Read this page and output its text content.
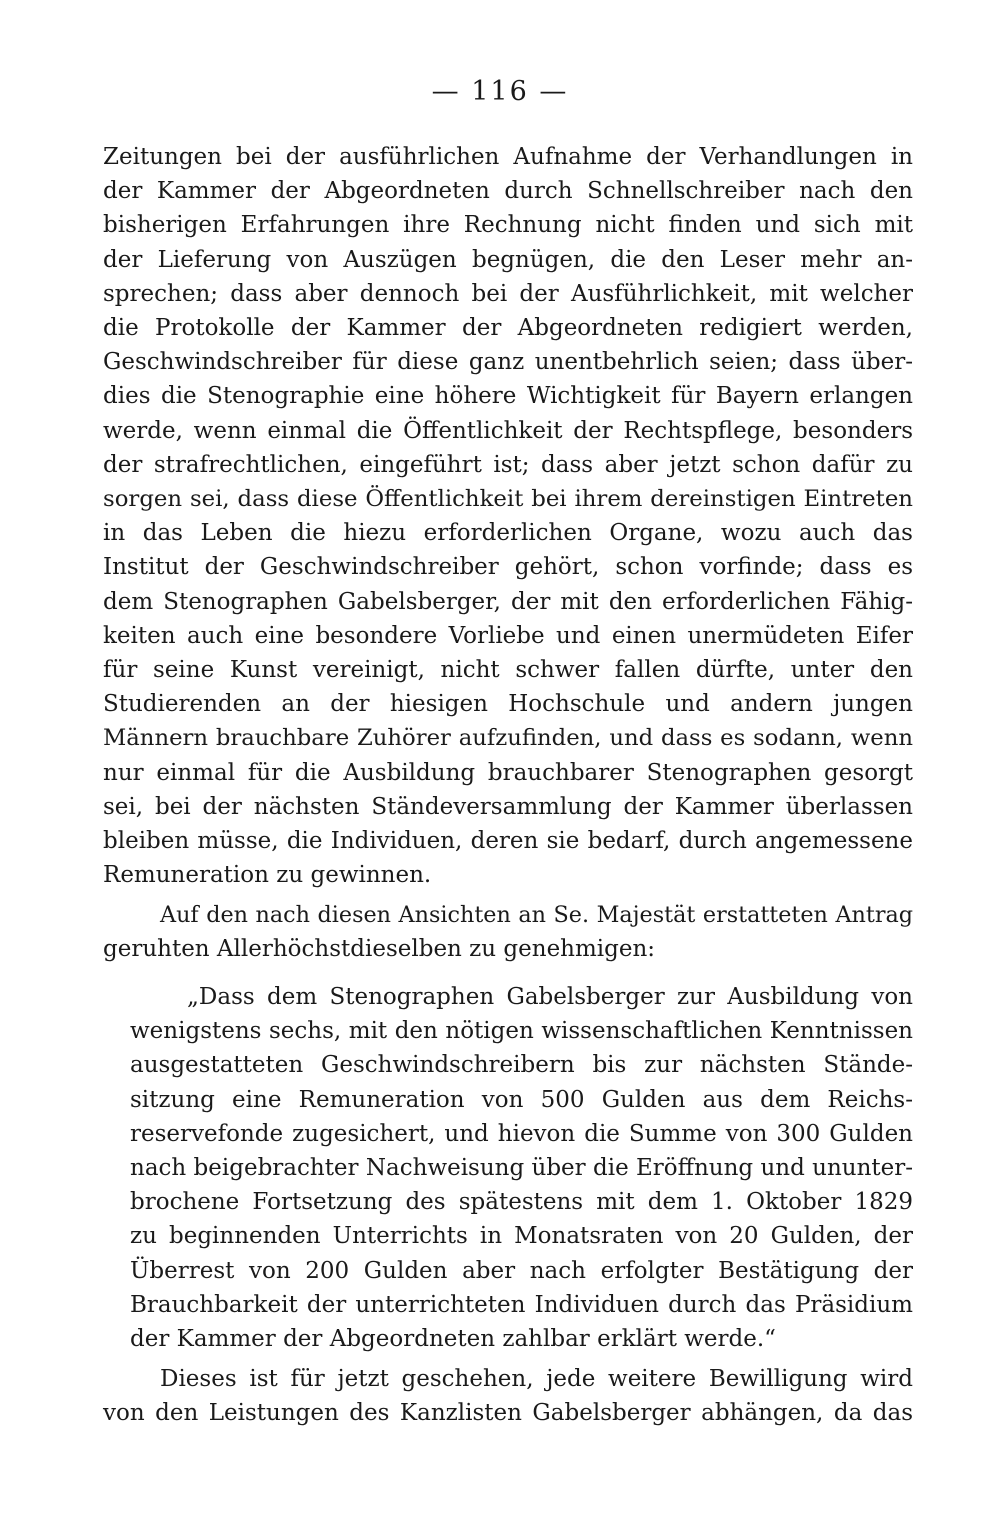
— 116 —
Zeitungen bei der ausführlichen Aufnahme der Verhandlungen in
der Kammer der Abgeordneten durch Schnellschreiber nach den
bisherigen Erfahrungen ihre Rechnung nicht finden und sich mit
der Lieferung von Auszügen begnügen, die den Leser mehr an-
sprechen; dass aber dennoch bei der Ausführlichkeit, mit welcher
die Protokolle der Kammer der Abgeordneten redigiert werden,
Geschwindschreiber für diese ganz unentbehrlich seien; dass über-
dies die Stenographie eine höhere Wichtigkeit für Bayern erlangen
werde, wenn einmal die Öffentlichkeit der Rechtspflege, besonders
der strafrechtlichen, eingeführt ist; dass aber jetzt schon dafür zu
sorgen sei, dass diese Öffentlichkeit bei ihrem dereinstigen Eintreten
in das Leben die hiezu erforderlichen Organe, wozu auch das
Institut der Geschwindschreiber gehört, schon vorfinde; dass es
dem Stenographen Gabelsberger, der mit den erforderlichen Fähig-
keiten auch eine besondere Vorliebe und einen unermüdeten Eifer
für seine Kunst vereinigt, nicht schwer fallen dürfte, unter den
Studierenden an der hiesigen Hochschule und andern jungen
Männern brauchbare Zuhörer aufzufinden, und dass es sodann, wenn
nur einmal für die Ausbildung brauchbarer Stenographen gesorgt
sei, bei der nächsten Ständeversammlung der Kammer überlassen
bleiben müsse, die Individuen, deren sie bedarf, durch angemessene
Remuneration zu gewinnen.
Auf den nach diesen Ansichten an Se. Majestät erstatteten Antrag
geruhten Allerhöchstdieselben zu genehmigen:
„Dass dem Stenographen Gabelsberger zur Ausbildung von
wenigstens sechs, mit den nötigen wissenschaftlichen Kenntnissen
ausgestatteten Geschwindschreibern bis zur nächsten Stände-
sitzung eine Remuneration von 500 Gulden aus dem Reichs-
reservefonde zugesichert, und hievon die Summe von 300 Gulden
nach beigebrachter Nachweisung über die Eröffnung und ununter-
brochene Fortsetzung des spätestens mit dem 1. Oktober 1829
zu beginnenden Unterrichts in Monatsraten von 20 Gulden, der
Überrest von 200 Gulden aber nach erfolgter Bestätigung der
Brauchbarkeit der unterrichteten Individuen durch das Präsidium
der Kammer der Abgeordneten zahlbar erklärt werde.“
Dieses ist für jetzt geschehen, jede weitere Bewilligung wird
von den Leistungen des Kanzlisten Gabelsberger abhängen, da das
